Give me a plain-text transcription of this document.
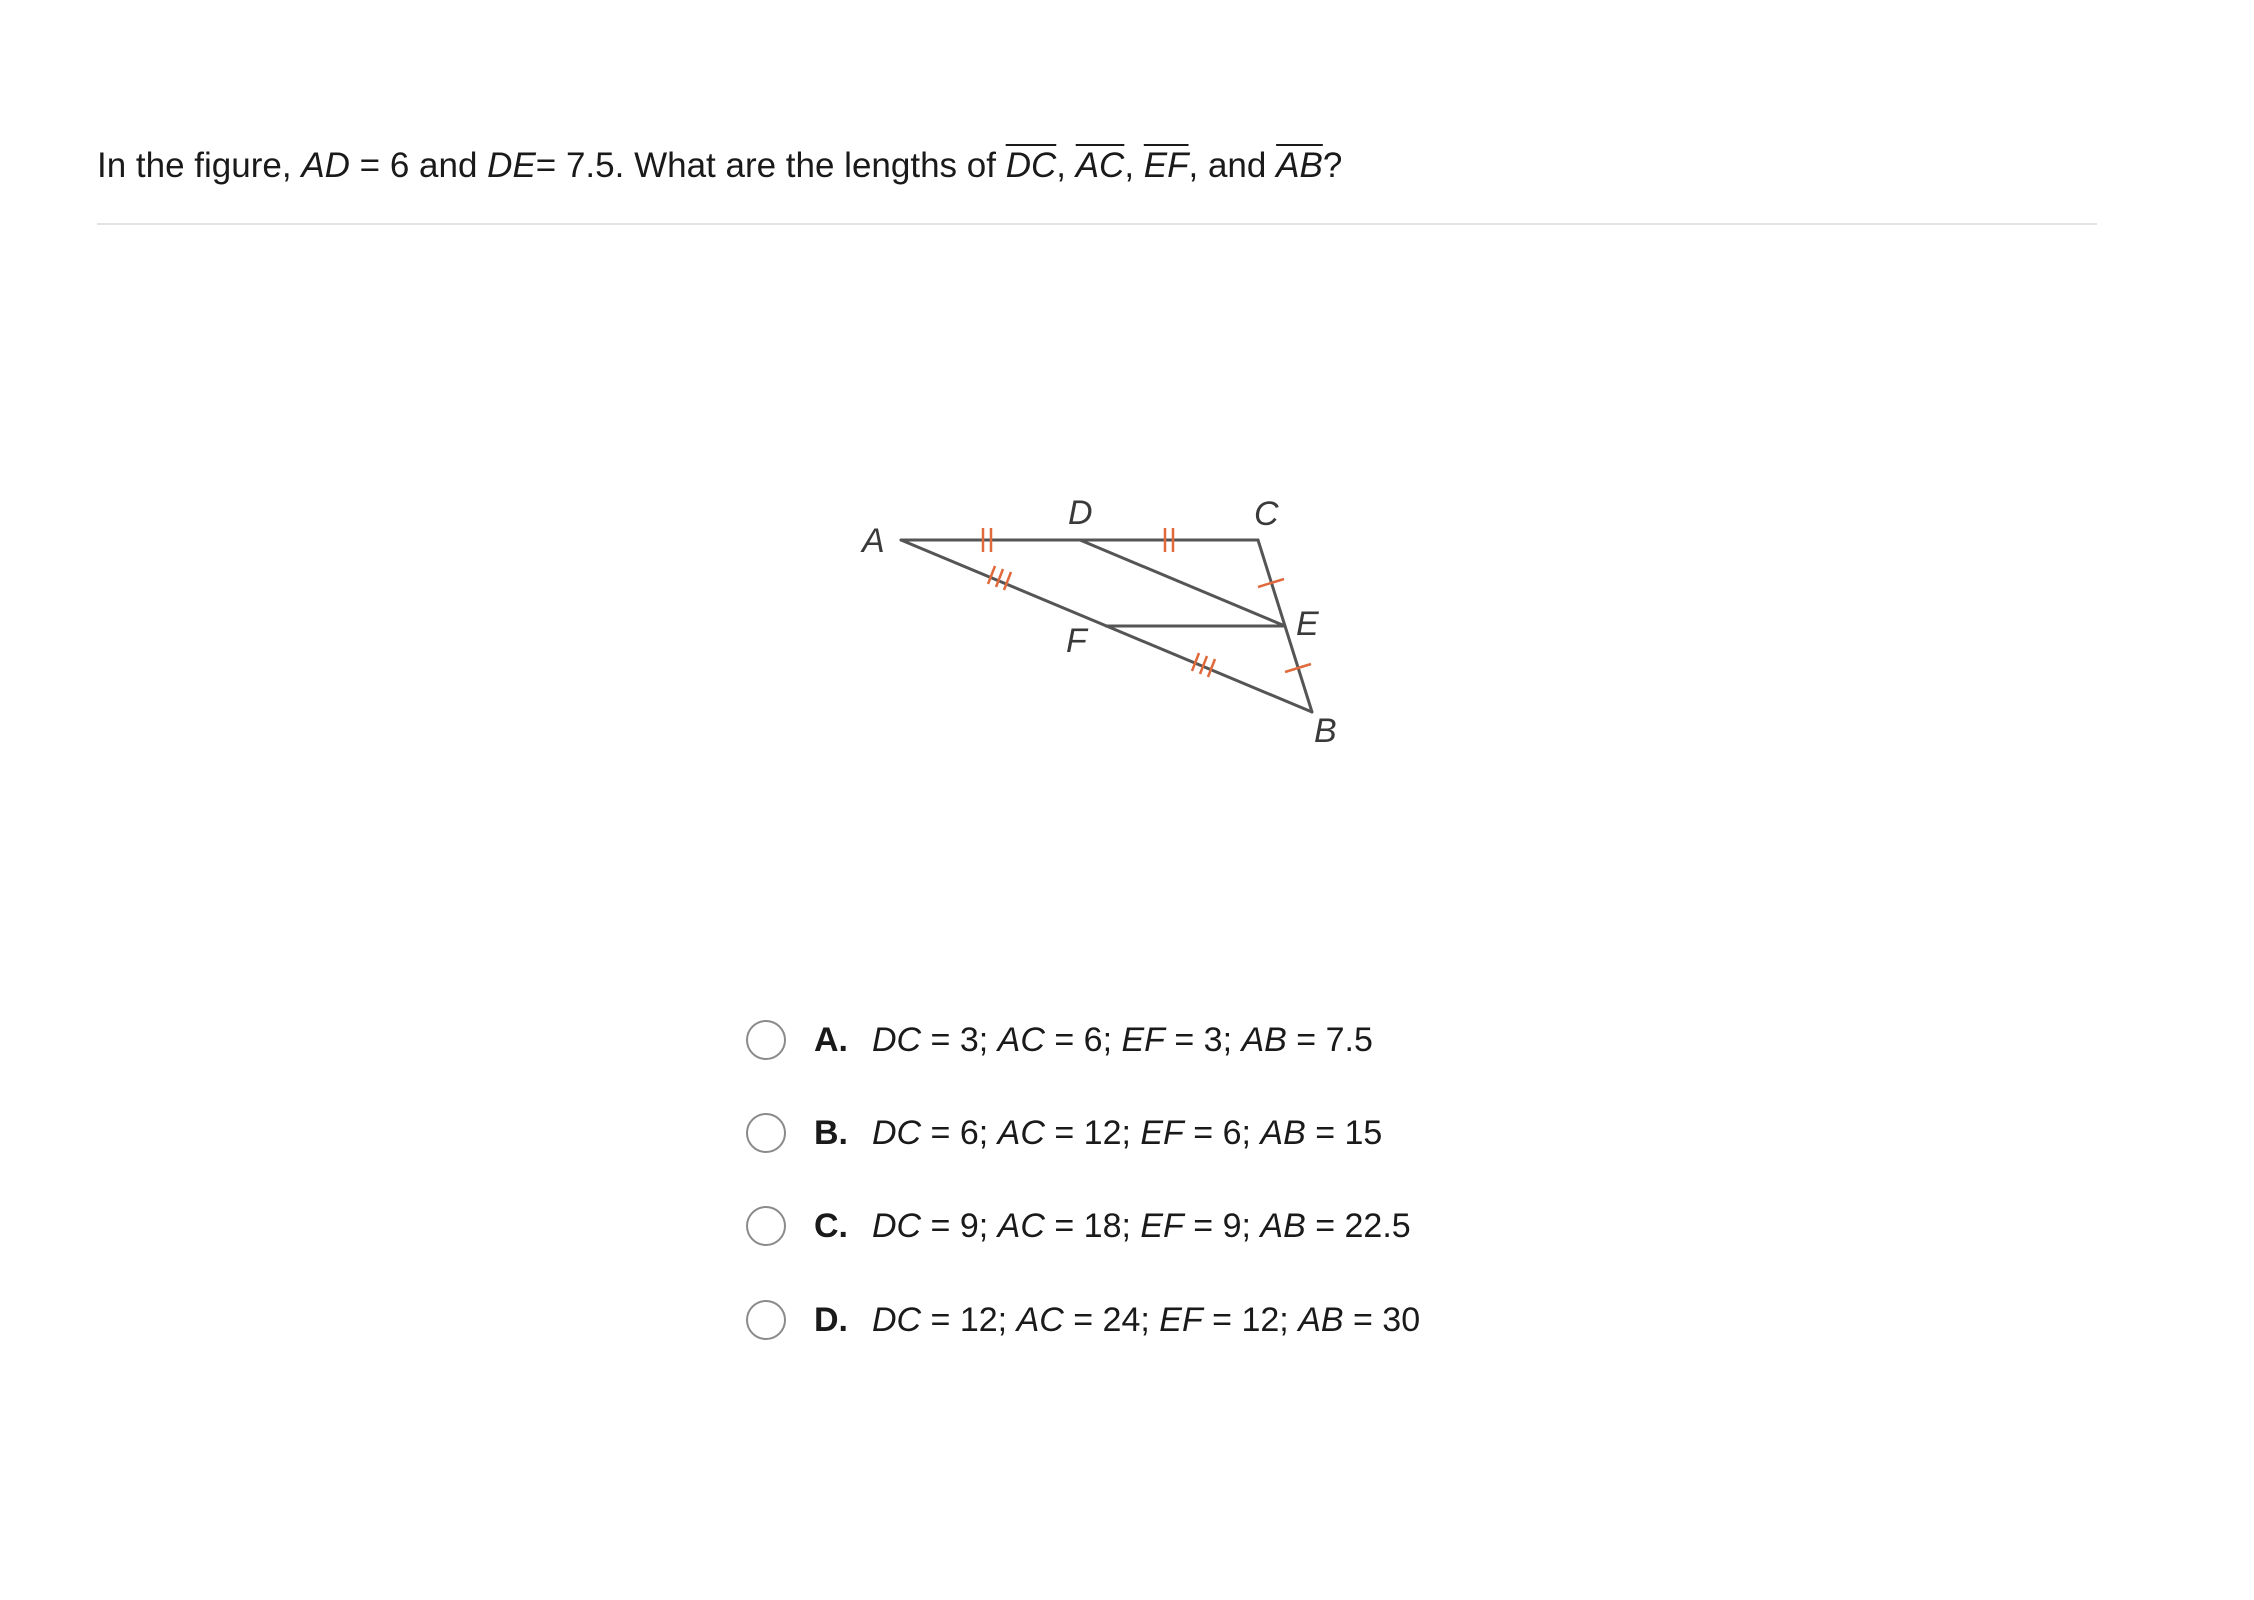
In the figure, AD = 6 and DE= 7.5. What are the lengths of $\overline{DC}$, $\overline{AC}$, $\overline{EF}$, and $\overline{AB}$?
A
D	C
E
F
B
A. DC = 3; AC = 6; EF = 3; AB = 7.5
B. DC = 6; AC = 12; EF = 6; AB = 15
C. DC = 9; AC = 18; EF = 9; AB = 22.5
D. DC = 12; AC = 24; EF = 12; AB = 30
